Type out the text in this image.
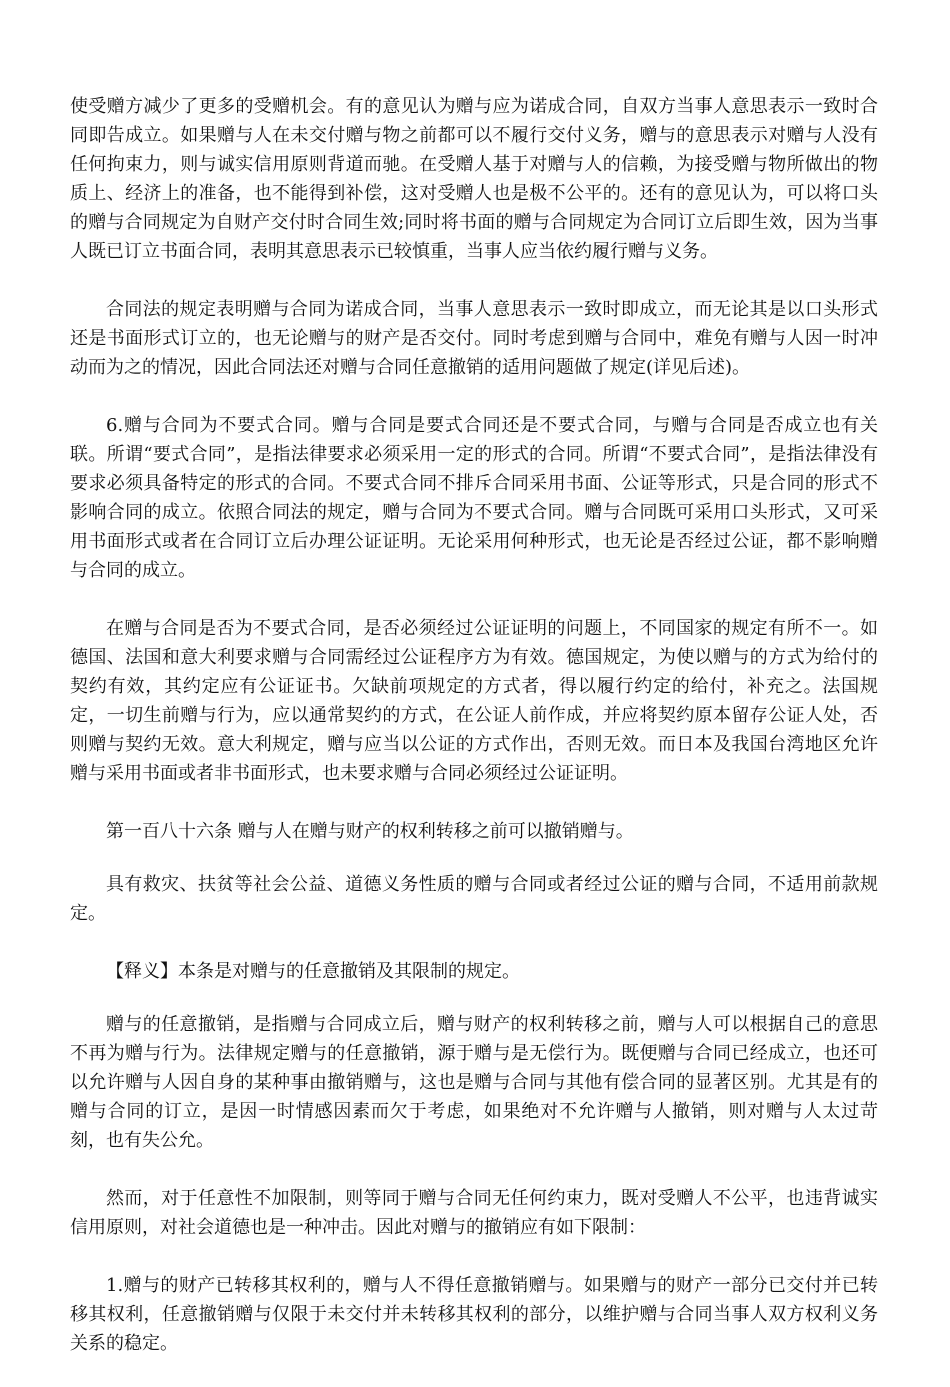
使受赠方减少了更多的受赠机会。有的意见认为赠与应为诺成合同，自双方当事人意思表示一致时合同即告成立。如果赠与人在未交付赠与物之前都可以不履行交付义务，赠与的意思表示对赠与人没有任何拘束力，则与诚实信用原则背道而驰。在受赠人基于对赠与人的信赖，为接受赠与物所做出的物质上、经济上的准备，也不能得到补偿，这对受赠人也是极不公平的。还有的意见认为，可以将口头的赠与合同规定为自财产交付时合同生效;同时将书面的赠与合同规定为合同订立后即生效，因为当事人既已订立书面合同，表明其意思表示已较慎重，当事人应当依约履行赠与义务。

合同法的规定表明赠与合同为诺成合同，当事人意思表示一致时即成立，而无论其是以口头形式还是书面形式订立的，也无论赠与的财产是否交付。同时考虑到赠与合同中，难免有赠与人因一时冲动而为之的情况，因此合同法还对赠与合同任意撤销的适用问题做了规定(详见后述)。

6.赠与合同为不要式合同。赠与合同是要式合同还是不要式合同，与赠与合同是否成立也有关联。所谓“要式合同”，是指法律要求必须采用一定的形式的合同。所谓“不要式合同”，是指法律没有要求必须具备特定的形式的合同。不要式合同不排斥合同采用书面、公证等形式，只是合同的形式不影响合同的成立。依照合同法的规定，赠与合同为不要式合同。赠与合同既可采用口头形式，又可采用书面形式或者在合同订立后办理公证证明。无论采用何种形式，也无论是否经过公证，都不影响赠与合同的成立。

在赠与合同是否为不要式合同，是否必须经过公证证明的问题上，不同国家的规定有所不一。如德国、法国和意大利要求赠与合同需经过公证程序方为有效。德国规定，为使以赠与的方式为给付的契约有效，其约定应有公证证书。欠缺前项规定的方式者，得以履行约定的给付，补充之。法国规定，一切生前赠与行为，应以通常契约的方式，在公证人前作成，并应将契约原本留存公证人处，否则赠与契约无效。意大利规定，赠与应当以公证的方式作出，否则无效。而日本及我国台湾地区允许赠与采用书面或者非书面形式，也未要求赠与合同必须经过公证证明。

第一百八十六条 赠与人在赠与财产的权利转移之前可以撤销赠与。

具有救灾、扶贫等社会公益、道德义务性质的赠与合同或者经过公证的赠与合同，不适用前款规定。

【释义】本条是对赠与的任意撤销及其限制的规定。

赠与的任意撤销，是指赠与合同成立后，赠与财产的权利转移之前，赠与人可以根据自己的意思不再为赠与行为。法律规定赠与的任意撤销，源于赠与是无偿行为。既便赠与合同已经成立，也还可以允许赠与人因自身的某种事由撤销赠与，这也是赠与合同与其他有偿合同的显著区别。尤其是有的赠与合同的订立，是因一时情感因素而欠于考虑，如果绝对不允许赠与人撤销，则对赠与人太过苛刻，也有失公允。

然而，对于任意性不加限制，则等同于赠与合同无任何约束力，既对受赠人不公平，也违背诚实信用原则，对社会道德也是一种冲击。因此对赠与的撤销应有如下限制：

1.赠与的财产已转移其权利的，赠与人不得任意撤销赠与。如果赠与的财产一部分已交付并已转移其权利，任意撤销赠与仅限于未交付并未转移其权利的部分，以维护赠与合同当事人双方权利义务关系的稳定。
